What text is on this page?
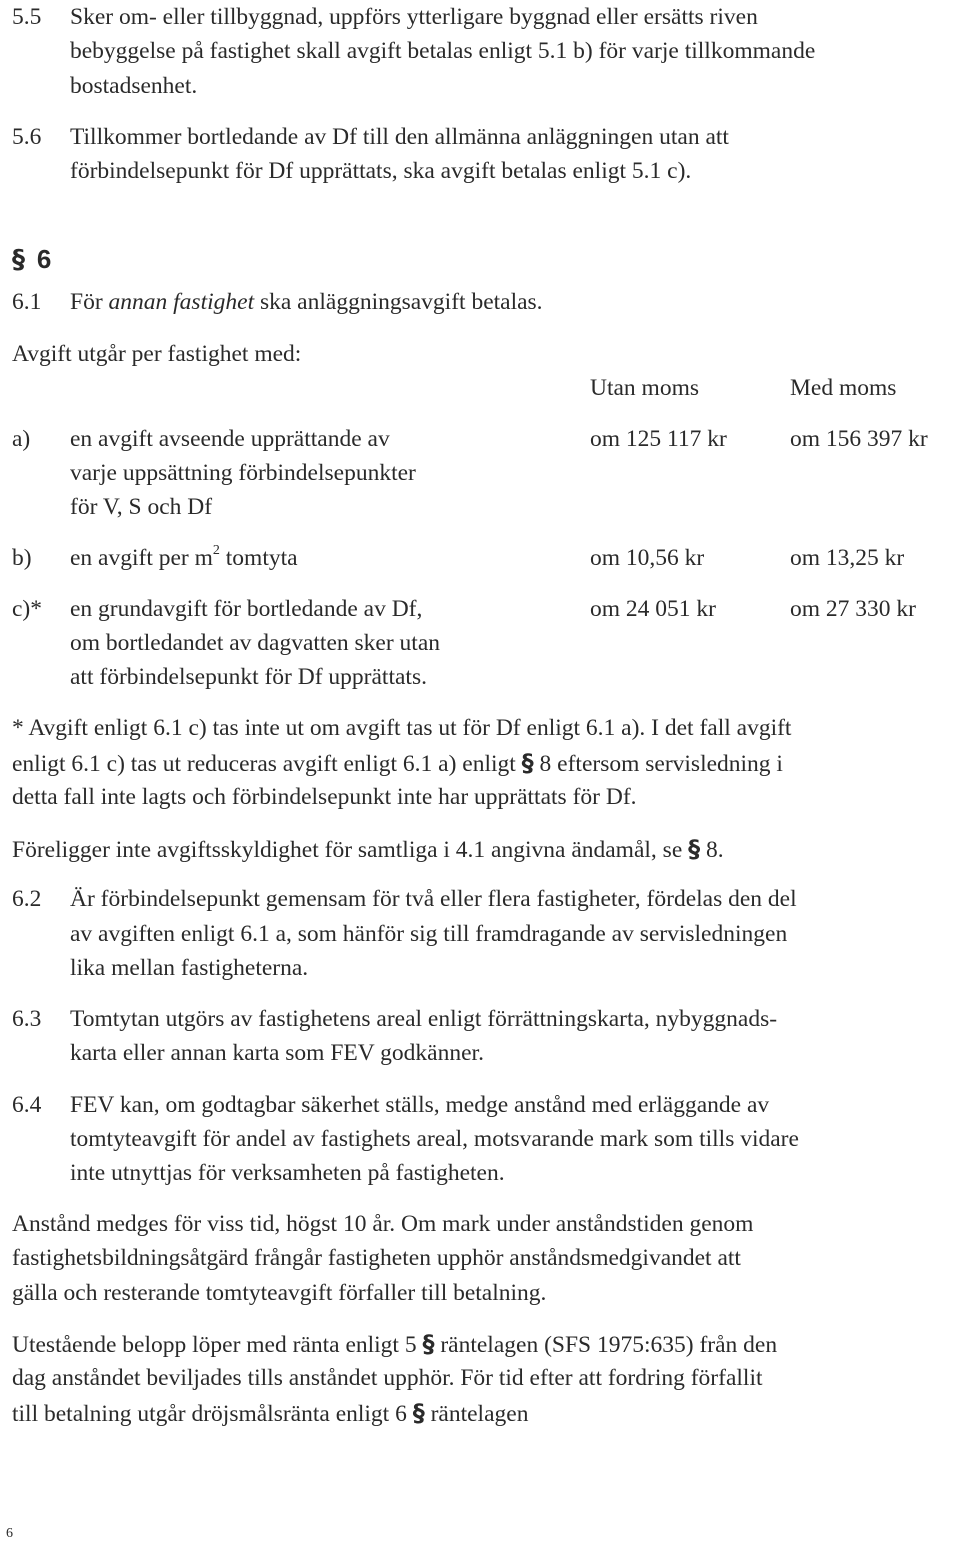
5.5 Sker om- eller tillbyggnad, uppförs ytterligare byggnad eller ersätts riven
bebyggelse på fastighet skall avgift betalas enligt 5.1 b) för varje tillkommande
bostadsenhet.
5.6 Tillkommer bortledande av Df till den allmänna anläggningen utan att
förbindelsepunkt för Df upprättats, ska avgift betalas enligt 5.1 c).
§ 6
6.1 För annan fastighet ska anläggningsavgift betalas.
Avgift utgår per fastighet med:
Utan moms	Med moms
a) en avgift avseende upprättande av
varje uppsättning förbindelsepunkter
för V, S och Df
om 125 117 kr	om 156 397 kr
b) en avgift per $m^2$ tomtyta	om 10,56 kr	om 13,25 kr
c)* en grundavgift för bortledande av Df,
om bortledandet av dagvatten sker utan
att förbindelsepunkt för Df upprättats.
om 24 051 kr	om 27 330 kr
* Avgift enligt 6.1 c) tas inte ut om avgift tas ut för Df enligt 6.1 a). I det fall avgift
enligt 6.1 c) tas ut reduceras avgift enligt 6.1 a) enligt § 8 eftersom servisledning i
detta fall inte lagts och förbindelsepunkt inte har upprättats för Df.
Föreligger inte avgiftsskyldighet för samtliga i 4.1 angivna ändamål, se § 8.
6.2 Är förbindelsepunkt gemensam för två eller flera fastigheter, fördelas den del
av avgiften enligt 6.1 a, som hänför sig till framdragande av servisledningen
lika mellan fastigheterna.
6.3 Tomtytan utgörs av fastighetens areal enligt förrättningskarta, nybyggnads-
karta eller annan karta som FEV godkänner.
6.4 FEV kan, om godtagbar säkerhet ställs, medge anstånd med erläggande av
tomtyteavgift för andel av fastighets areal, motsvarande mark som tills vidare
inte utnyttjas för verksamheten på fastigheten.
Anstånd medges för viss tid, högst 10 år. Om mark under anståndstiden genom
fastighetsbildningsåtgärd frångår fastigheten upphör anståndsmedgivandet att
gälla och resterande tomtyteavgift förfaller till betalning.
Utestående belopp löper med ränta enligt 5 § räntelagen (SFS 1975:635) från den
dag anståndet beviljades tills anståndet upphör. För tid efter att fordring förfallit
till betalning utgår dröjsmålsränta enligt 6 § räntelagen
6
